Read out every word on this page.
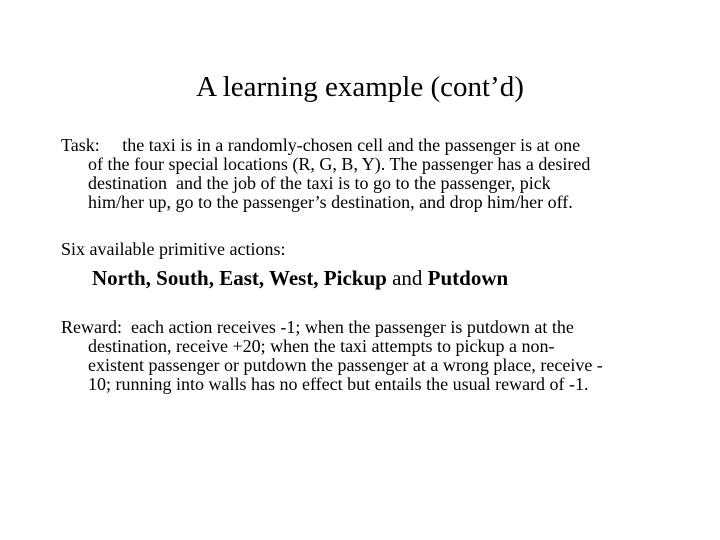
A learning example (cont’d)
Task:     the taxi is in a randomly-chosen cell and the passenger is at one
of the four special locations (R, G, B, Y). The passenger has a desired
destination  and the job of the taxi is to go to the passenger, pick
him/her up, go to the passenger’s destination, and drop him/her off.
Six available primitive actions:
North, South, East, West, Pickup and Putdown
Reward:  each action receives -1; when the passenger is putdown at the
destination, receive +20; when the taxi attempts to pickup a non-
existent passenger or putdown the passenger at a wrong place, receive -
10; running into walls has no effect but entails the usual reward of -1.
